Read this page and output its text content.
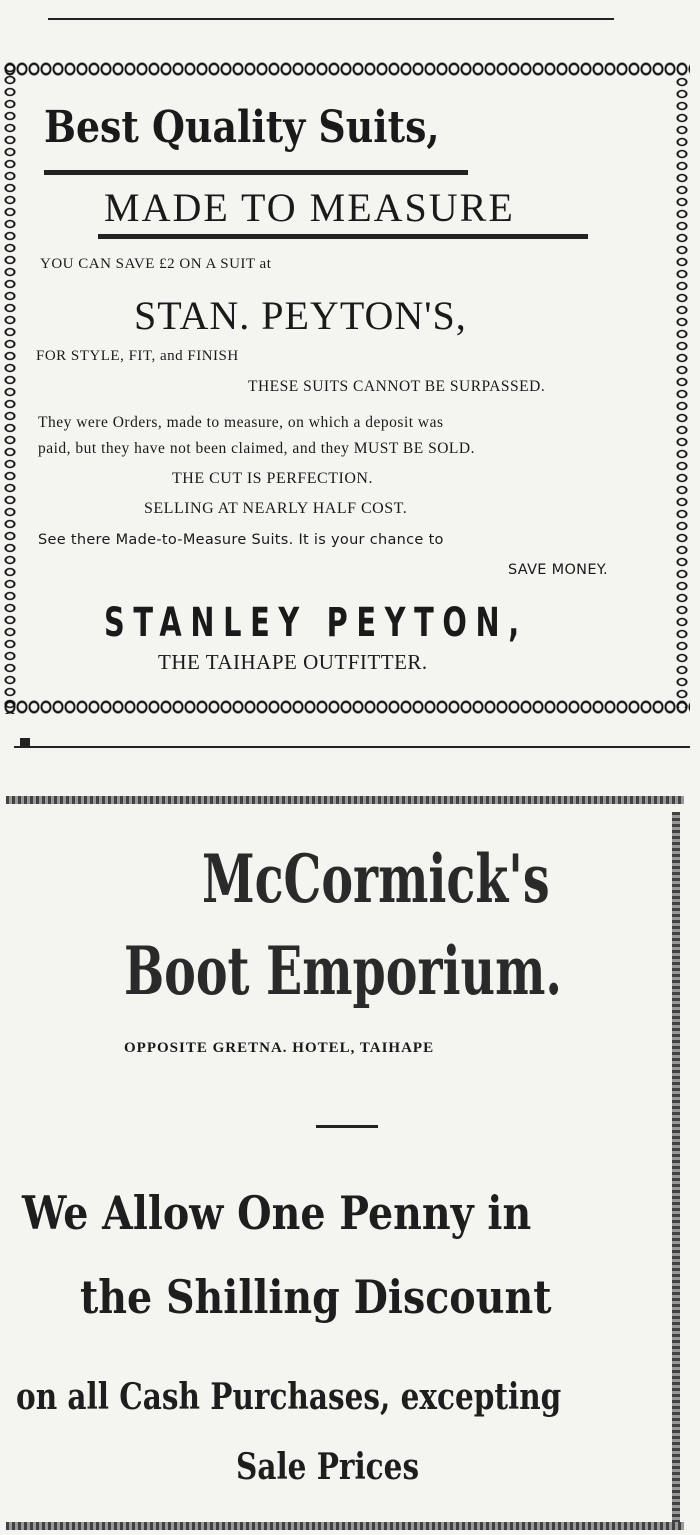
Best Quality Suits,
MADE TO MEASURE
YOU CAN SAVE £2 ON A SUIT at
STAN. PEYTON'S,
FOR STYLE, FIT, and FINISH
THESE SUITS CANNOT BE SURPASSED.
They were Orders, made to measure, on which a deposit was
paid, but they have not been claimed, and they MUST BE SOLD.
THE CUT IS PERFECTION.
SELLING AT NEARLY HALF COST.
See there Made-to-Measure Suits. It is your chance to
SAVE MONEY.
STANLEY PEYTON,
THE TAIHAPE OUTFITTER.
McCormick's
Boot Emporium.
OPPOSITE GRETNA. HOTEL, TAIHAPE
We Allow One Penny in
the Shilling Discount
on all Cash Purchases, excepting
Sale Prices
